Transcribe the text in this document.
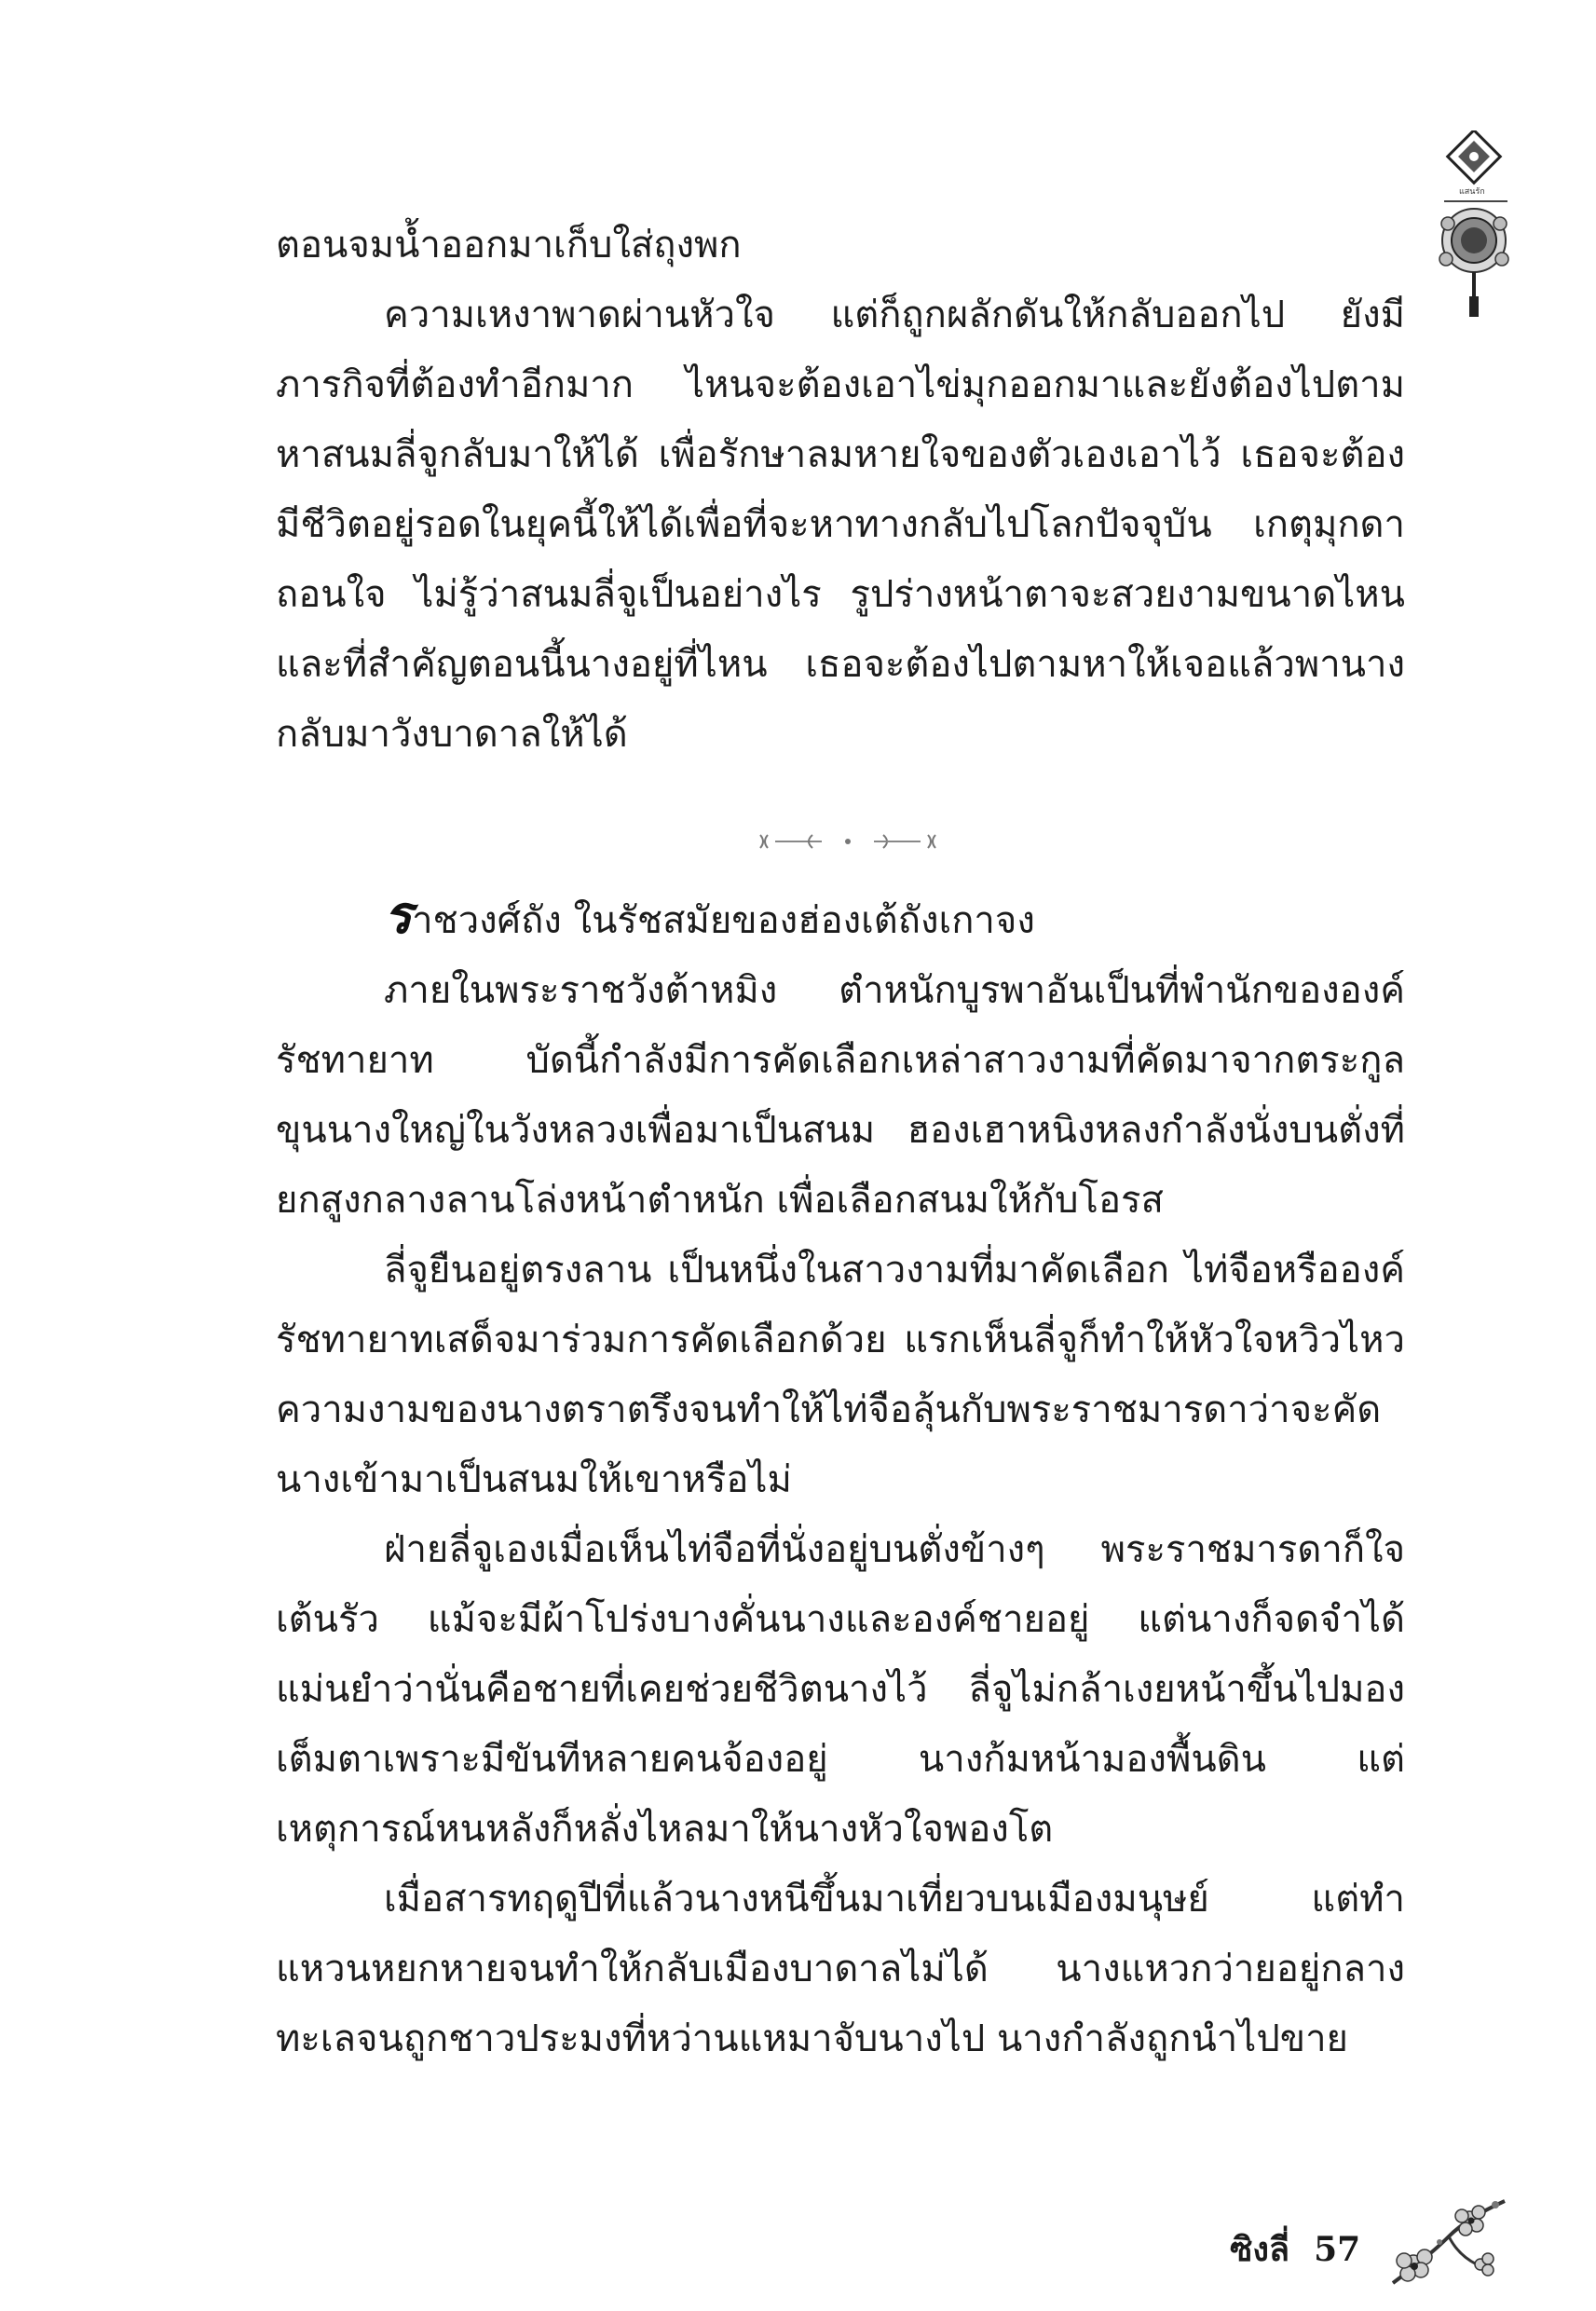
แสนรัก

ตอนจมน้ำออกมาเก็บใส่ถุงพก

ความเหงาพาดผ่านหัวใจ แต่ก็ถูกผลักดันให้กลับออกไป ยังมีภารกิจที่ต้องทำอีกมาก ไหนจะต้องเอาไข่มุกออกมาและยังต้องไปตามหาสนมลี่จูกลับมาให้ได้ เพื่อรักษาลมหายใจของตัวเองเอาไว้ เธอจะต้องมีชีวิตอยู่รอดในยุคนี้ให้ได้เพื่อที่จะหาทางกลับไปโลกปัจจุบัน เกตุมุกดาถอนใจ ไม่รู้ว่าสนมลี่จูเป็นอย่างไร รูปร่างหน้าตาจะสวยงามขนาดไหน และที่สำคัญตอนนี้นางอยู่ที่ไหน เธอจะต้องไปตามหาให้เจอแล้วพานางกลับมาวังบาดาลให้ได้

ราชวงศ์ถัง ในรัชสมัยของฮ่องเต้ถังเกาจง

ภายในพระราชวังต้าหมิง ตำหนักบูรพาอันเป็นที่พำนักขององค์รัชทายาท บัดนี้กำลังมีการคัดเลือกเหล่าสาวงามที่คัดมาจากตระกูลขุนนางใหญ่ในวังหลวงเพื่อมาเป็นสนม ฮองเฮาหนิงหลงกำลังนั่งบนตั่งที่ยกสูงกลางลานโล่งหน้าตำหนัก เพื่อเลือกสนมให้กับโอรส

ลี่จูยืนอยู่ตรงลาน เป็นหนึ่งในสาวงามที่มาคัดเลือก ไท่จือหรือองค์รัชทายาทเสด็จมาร่วมการคัดเลือกด้วย แรกเห็นลี่จูก็ทำให้หัวใจหวิวไหว ความงามของนางตราตรึงจนทำให้ไท่จือลุ้นกับพระราชมารดาว่าจะคัดนางเข้ามาเป็นสนมให้เขาหรือไม่

ฝ่ายลี่จูเองเมื่อเห็นไท่จือที่นั่งอยู่บนตั่งข้างๆ พระราชมารดาก็ใจเต้นรัว แม้จะมีผ้าโปร่งบางคั่นนางและองค์ชายอยู่ แต่นางก็จดจำได้แม่นยำว่านั่นคือชายที่เคยช่วยชีวิตนางไว้ ลี่จูไม่กล้าเงยหน้าขึ้นไปมองเต็มตาเพราะมีขันทีหลายคนจ้องอยู่ นางก้มหน้ามองพื้นดิน แต่เหตุการณ์หนหลังก็หลั่งไหลมาให้นางหัวใจพองโต

เมื่อสารทฤดูปีที่แล้วนางหนีขึ้นมาเที่ยวบนเมืองมนุษย์ แต่ทำแหวนหยกหายจนทำให้กลับเมืองบาดาลไม่ได้ นางแหวกว่ายอยู่กลางทะเลจนถูกชาวประมงที่หว่านแหมาจับนางไป นางกำลังถูกนำไปขาย

ซิงลี่ 57
